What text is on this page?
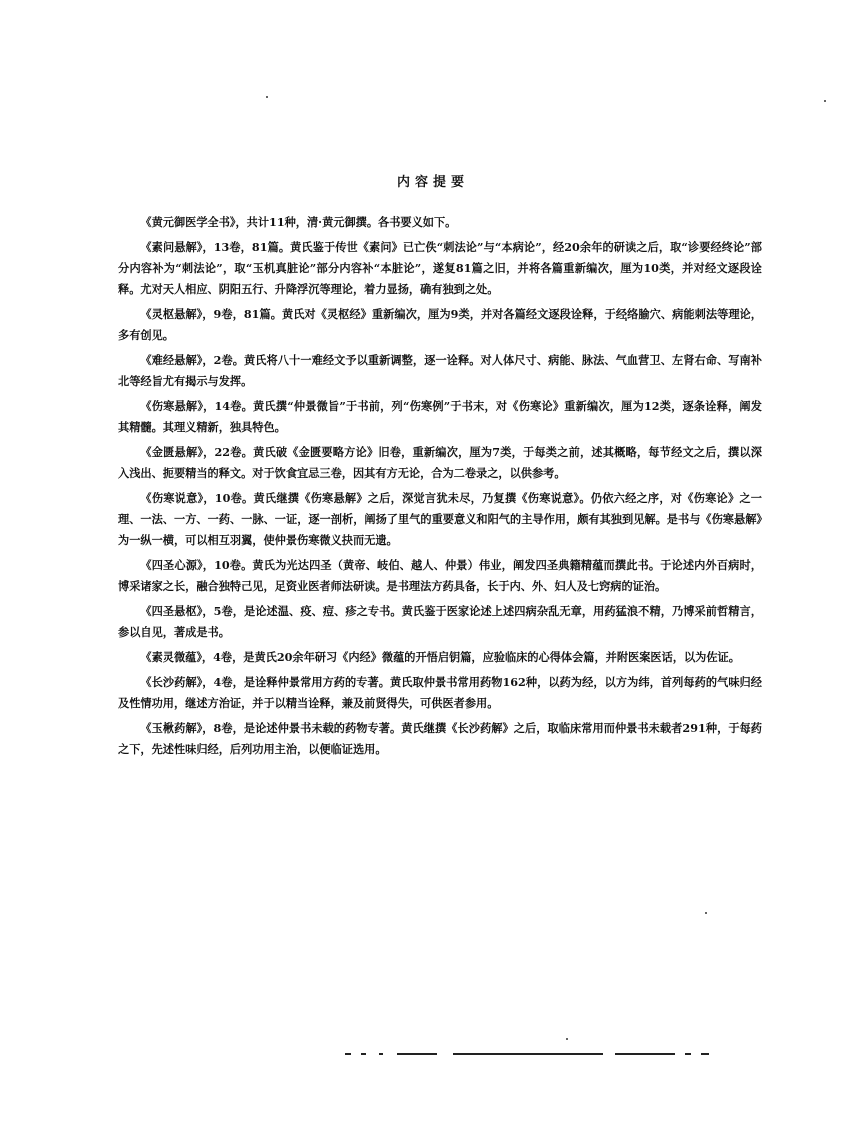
内容提要

《黄元御医学全书》，共计11种，清·黄元御撰。各书要义如下。

《素问悬解》，13卷，81篇。黄氏鉴于传世《素问》已亡佚“刺法论”与“本病论”，经20余年的研读之后，取“诊要经终论”部分内容补为“刺法论”，取“玉机真脏论”部分内容补“本脏论”，遂复81篇之旧，并将各篇重新编次，厘为10类，并对经文逐段诠释。尤对天人相应、阴阳五行、升降浮沉等理论，着力显扬，确有独到之处。

《灵枢悬解》，9卷，81篇。黄氏对《灵枢经》重新编次，厘为9类，并对各篇经文逐段诠释，于经络腧穴、病能刺法等理论，多有创见。

《难经悬解》，2卷。黄氏将八十一难经文予以重新调整，逐一诠释。对人体尺寸、病能、脉法、气血营卫、左肾右命、写南补北等经旨尤有揭示与发挥。

《伤寒悬解》，14卷。黄氏撰“仲景微旨”于书前，列“伤寒例”于书末，对《伤寒论》重新编次，厘为12类，逐条诠释，阐发其精髓。其理义精新，独具特色。

《金匮悬解》，22卷。黄氏破《金匮要略方论》旧卷，重新编次，厘为7类，于每类之前，述其概略，每节经文之后，撰以深入浅出、扼要精当的释文。对于饮食宜忌三卷，因其有方无论，合为二卷录之，以供参考。

《伤寒说意》，10卷。黄氏继撰《伤寒悬解》之后，深觉言犹未尽，乃复撰《伤寒说意》。仍依六经之序，对《伤寒论》之一理、一法、一方、一药、一脉、一证，逐一剖析，阐扬了里气的重要意义和阳气的主导作用，颇有其独到见解。是书与《伤寒悬解》为一纵一横，可以相互羽翼，使仲景伤寒微义抉而无遗。

《四圣心源》，10卷。黄氏为光达四圣（黄帝、岐伯、越人、仲景）伟业，阐发四圣典籍精蕴而撰此书。于论述内外百病时，博采诸家之长，融合独特己见，足资业医者师法研读。是书理法方药具备，长于内、外、妇人及七窍病的证治。

《四圣悬枢》，5卷，是论述温、疫、痘、疹之专书。黄氏鉴于医家论述上述四病杂乱无章，用药猛浪不精，乃博采前哲精言，参以自见，著成是书。

《素灵微蕴》，4卷，是黄氏20余年研习《内经》微蕴的开悟启钥篇，应验临床的心得体会篇，并附医案医话，以为佐证。

《长沙药解》，4卷，是诠释仲景常用方药的专著。黄氏取仲景书常用药物162种，以药为经，以方为纬，首列每药的气味归经及性情功用，继述方治证，并于以精当诠释，兼及前贤得失，可供医者参用。

《玉楸药解》，8卷，是论述仲景书未载的药物专著。黄氏继撰《长沙药解》之后，取临床常用而仲景书未载者291种，于每药之下，先述性味归经，后列功用主治，以便临证选用。
